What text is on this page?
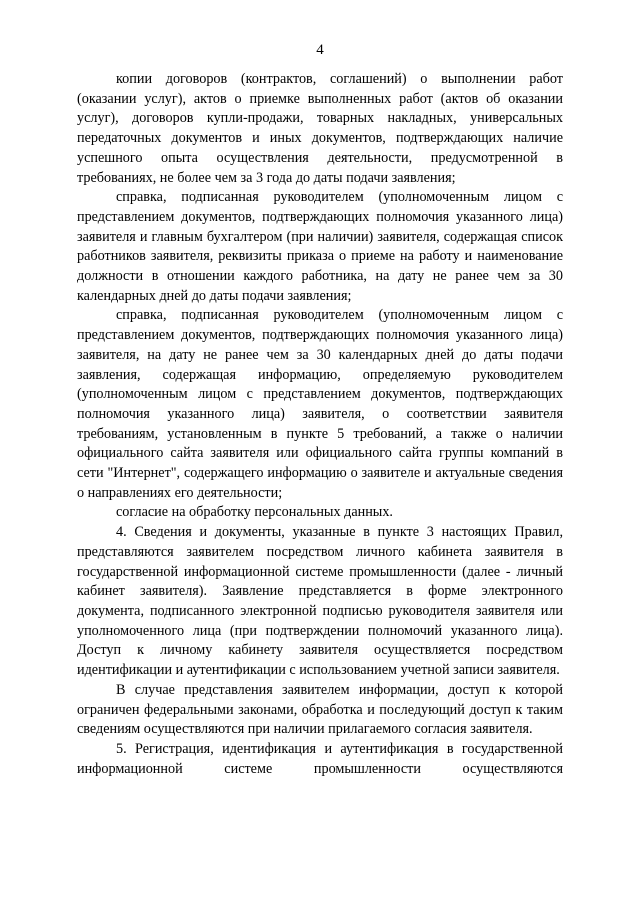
4

копии договоров (контрактов, соглашений) о выполнении работ (оказании услуг), актов о приемке выполненных работ (актов об оказании услуг), договоров купли-продажи, товарных накладных, универсальных передаточных документов и иных документов, подтверждающих наличие успешного опыта осуществления деятельности, предусмотренной в требованиях, не более чем за 3 года до даты подачи заявления;

справка, подписанная руководителем (уполномоченным лицом с представлением документов, подтверждающих полномочия указанного лица) заявителя и главным бухгалтером (при наличии) заявителя, содержащая список работников заявителя, реквизиты приказа о приеме на работу и наименование должности в отношении каждого работника, на дату не ранее чем за 30 календарных дней до даты подачи заявления;

справка, подписанная руководителем (уполномоченным лицом с представлением документов, подтверждающих полномочия указанного лица) заявителя, на дату не ранее чем за 30 календарных дней до даты подачи заявления, содержащая информацию, определяемую руководителем (уполномоченным лицом с представлением документов, подтверждающих полномочия указанного лица) заявителя, о соответствии заявителя требованиям, установленным в пункте 5 требований, а также о наличии официального сайта заявителя или официального сайта группы компаний в сети "Интернет", содержащего информацию о заявителе и актуальные сведения о направлениях его деятельности;

согласие на обработку персональных данных.

4. Сведения и документы, указанные в пункте 3 настоящих Правил, представляются заявителем посредством личного кабинета заявителя в государственной информационной системе промышленности (далее - личный кабинет заявителя). Заявление представляется в форме электронного документа, подписанного электронной подписью руководителя заявителя или уполномоченного лица (при подтверждении полномочий указанного лица). Доступ к личному кабинету заявителя осуществляется посредством идентификации и аутентификации с использованием учетной записи заявителя.

В случае представления заявителем информации, доступ к которой ограничен федеральными законами, обработка и последующий доступ к таким сведениям осуществляются при наличии прилагаемого согласия заявителя.

5. Регистрация, идентификация и аутентификация в государственной информационной системе промышленности осуществляются
